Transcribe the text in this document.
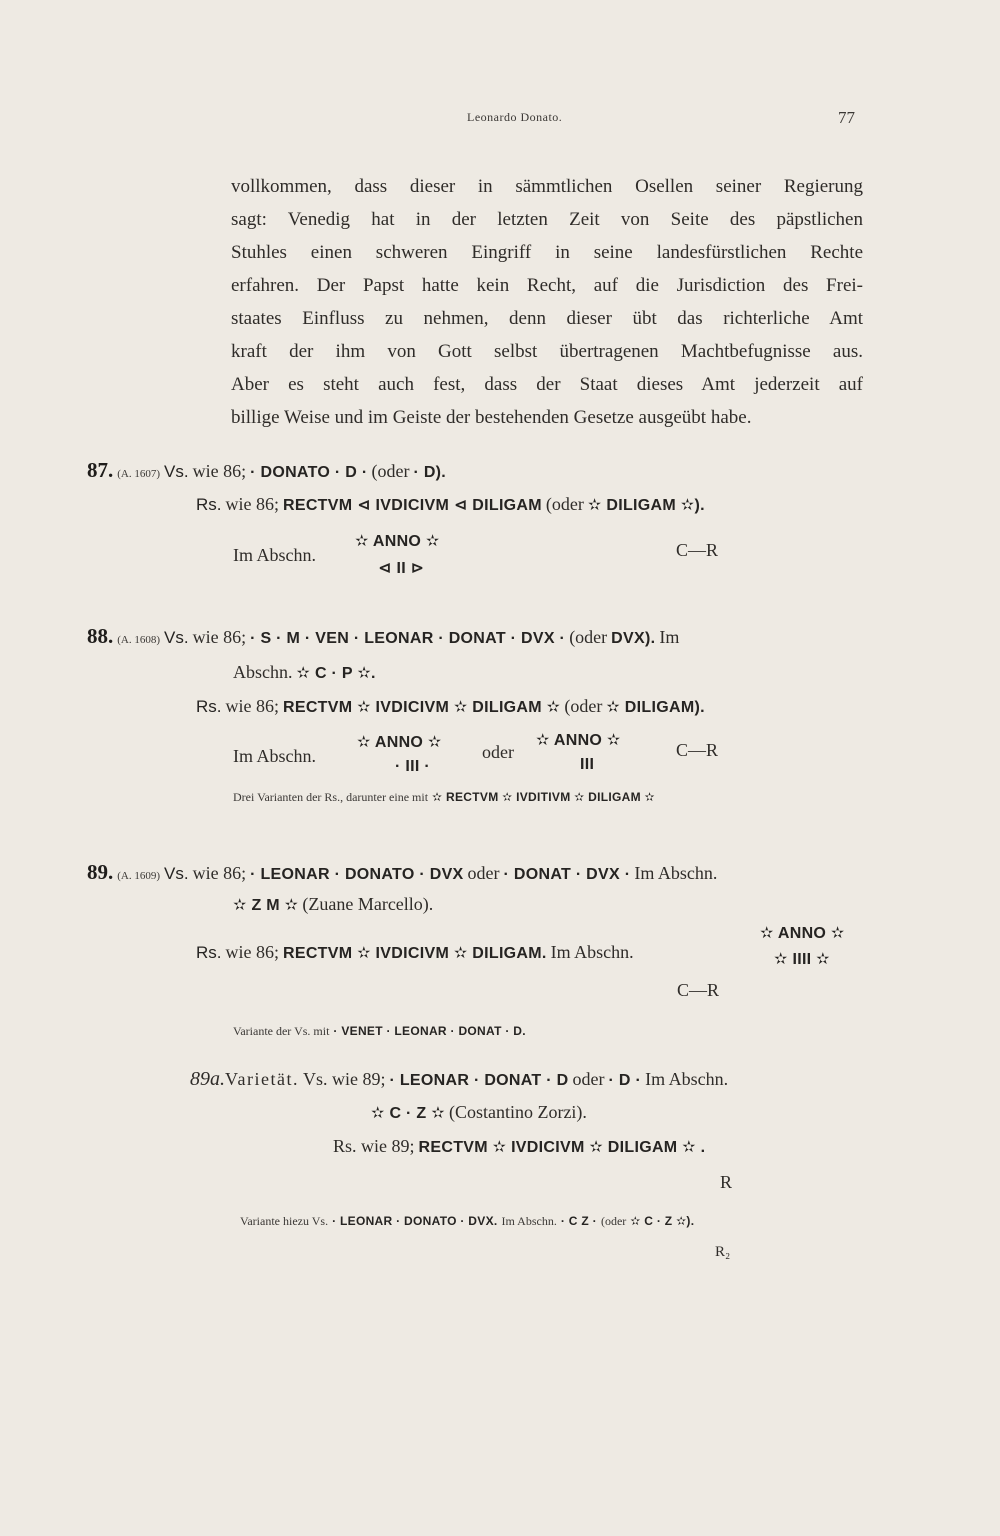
Leonardo Donato.	77
vollkommen, dass dieser in sämmtlichen Osellen seiner Regierung
sagt: Venedig hat in der letzten Zeit von Seite des päpstlichen
Stuhles einen schweren Eingriff in seine landesfürstlichen Rechte
erfahren. Der Papst hatte kein Recht, auf die Jurisdiction des Frei-
staates Einfluss zu nehmen, denn dieser übt das richterliche Amt
kraft der ihm von Gott selbst übertragenen Machtbefugnisse aus.
Aber es steht auch fest, dass der Staat dieses Amt jederzeit auf
billige Weise und im Geiste der bestehenden Gesetze ausgeübt habe.
87. (A. 1607) Vs. wie 86; · DONATO · D · (oder · D).
Rs. wie 86; RECTVM ⊲ IVDICIVM ⊲ DILIGAM (oder ✫ DILIGAM ✫).
Im Abschn.
✫ ANNO ✫
⊲ II ⊳
C—R
88. (A. 1608) Vs. wie 86; · S · M · VEN · LEONAR · DONAT · DVX · (oder DVX). Im
Abschn. ✫ C · P ✫.
Rs. wie 86; RECTVM ✫ IVDICIVM ✫ DILIGAM ✫ (oder ✫ DILIGAM).
Im Abschn.
✫ ANNO ✫
· III ·
oder
✫ ANNO ✫
III
C—R
Drei Varianten der Rs., darunter eine mit ✫ RECTVM ✫ IVDITIVM ✫ DILIGAM ✫
89. (A. 1609) Vs. wie 86; · LEONAR · DONATO · DVX oder · DONAT · DVX · Im Abschn.
✫ Z M ✫ (Zuane Marcello).
Rs. wie 86; RECTVM ✫ IVDICIVM ✫ DILIGAM. Im Abschn.
✫ ANNO ✫
✫ IIII ✫
C—R
Variante der Vs. mit · VENET · LEONAR · DONAT · D.
89a.Varietät. Vs. wie 89; · LEONAR · DONAT · D oder · D · Im Abschn.
✫ C · Z ✫ (Costantino Zorzi).
Rs. wie 89; RECTVM ✫ IVDICIVM ✫ DILIGAM ✫ .
R
Variante hiezu Vs. · LEONAR · DONATO · DVX. Im Abschn. · C Z · (oder ✫ C · Z ✫).
R₂
